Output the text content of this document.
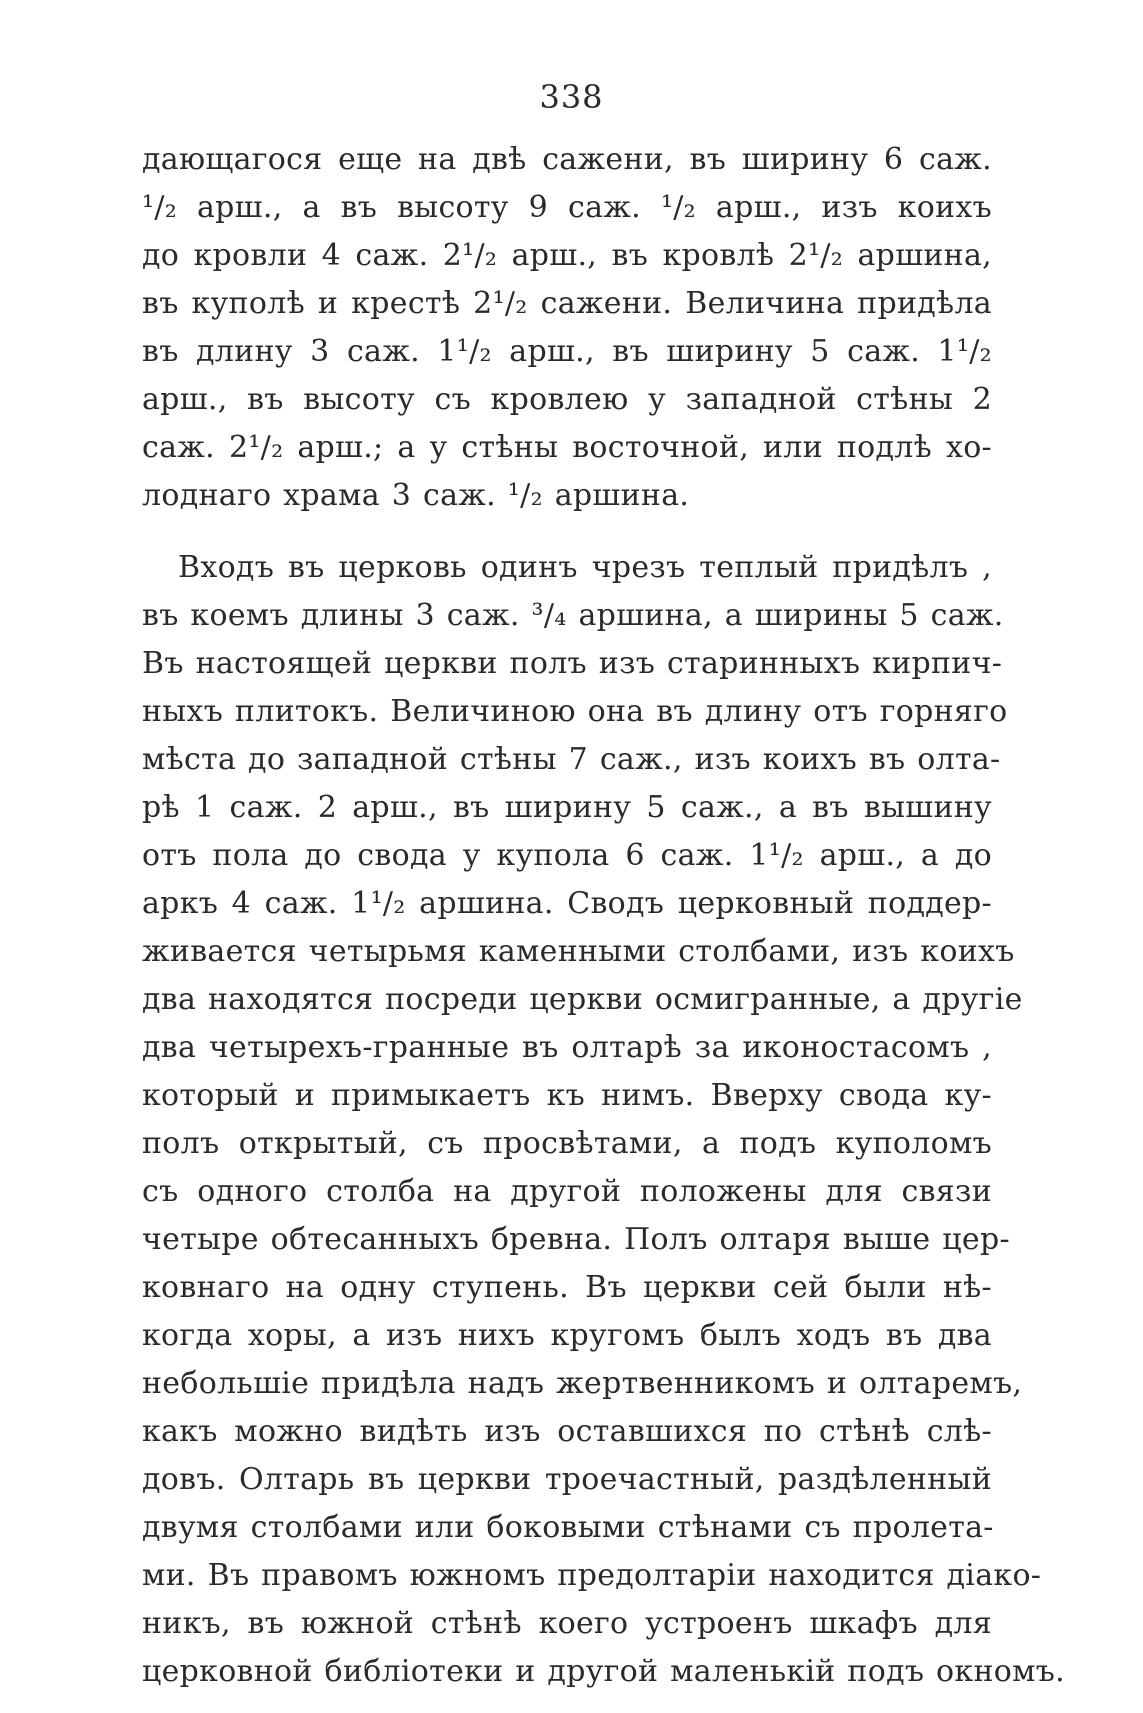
338

дающагося еще на двѣ сажени, въ ширину 6 саж.
¹/₂ арш., а въ высоту 9 саж. ¹/₂ арш., изъ коихъ
до кровли 4 саж. 2¹/₂ арш., въ кровлѣ 2¹/₂ аршина,
въ куполѣ и крестѣ 2¹/₂ сажени. Величина придѣла
въ длину 3 саж. 1¹/₂ арш., въ ширину 5 саж. 1¹/₂
арш., въ высоту съ кровлею у западной стѣны 2
саж. 2¹/₂ арш.; а у стѣны восточной, или подлѣ хо-
лоднаго храма 3 саж. ¹/₂ аршина.

Входъ въ церковь одинъ чрезъ теплый придѣлъ ,
въ коемъ длины 3 саж. ³/₄ аршина, а ширины 5 саж.
Въ настоящей церкви полъ изъ старинныхъ кирпич-
ныхъ плитокъ. Величиною она въ длину отъ горняго
мѣста до западной стѣны 7 саж., изъ коихъ въ олта-
рѣ 1 саж. 2 арш., въ ширину 5 саж., а въ вышину
отъ пола до свода у купола 6 саж. 1¹/₂ арш., а до
аркъ 4 саж. 1¹/₂ аршина. Сводъ церковный поддер-
живается четырьмя каменными столбами, изъ коихъ
два находятся посреди церкви осмигранные, а другіе
два четырехъ-гранные въ олтарѣ за иконостасомъ ,
который и примыкаетъ къ нимъ. Вверху свода ку-
полъ открытый, съ просвѣтами, а подъ куполомъ
съ одного столба на другой положены для связи
четыре обтесанныхъ бревна. Полъ олтаря выше цер-
ковнаго на одну ступень. Въ церкви сей были нѣ-
когда хоры, а изъ нихъ кругомъ былъ ходъ въ два
небольшіе придѣла надъ жертвенникомъ и олтаремъ,
какъ можно видѣть изъ оставшихся по стѣнѣ слѣ-
довъ. Олтарь въ церкви троечастный, раздѣленный
двумя столбами или боковыми стѣнами съ пролета-
ми. Въ правомъ южномъ предолтаріи находится діако-
никъ, въ южной стѣнѣ коего устроенъ шкафъ для
церковной библіотеки и другой маленькій подъ окномъ.
